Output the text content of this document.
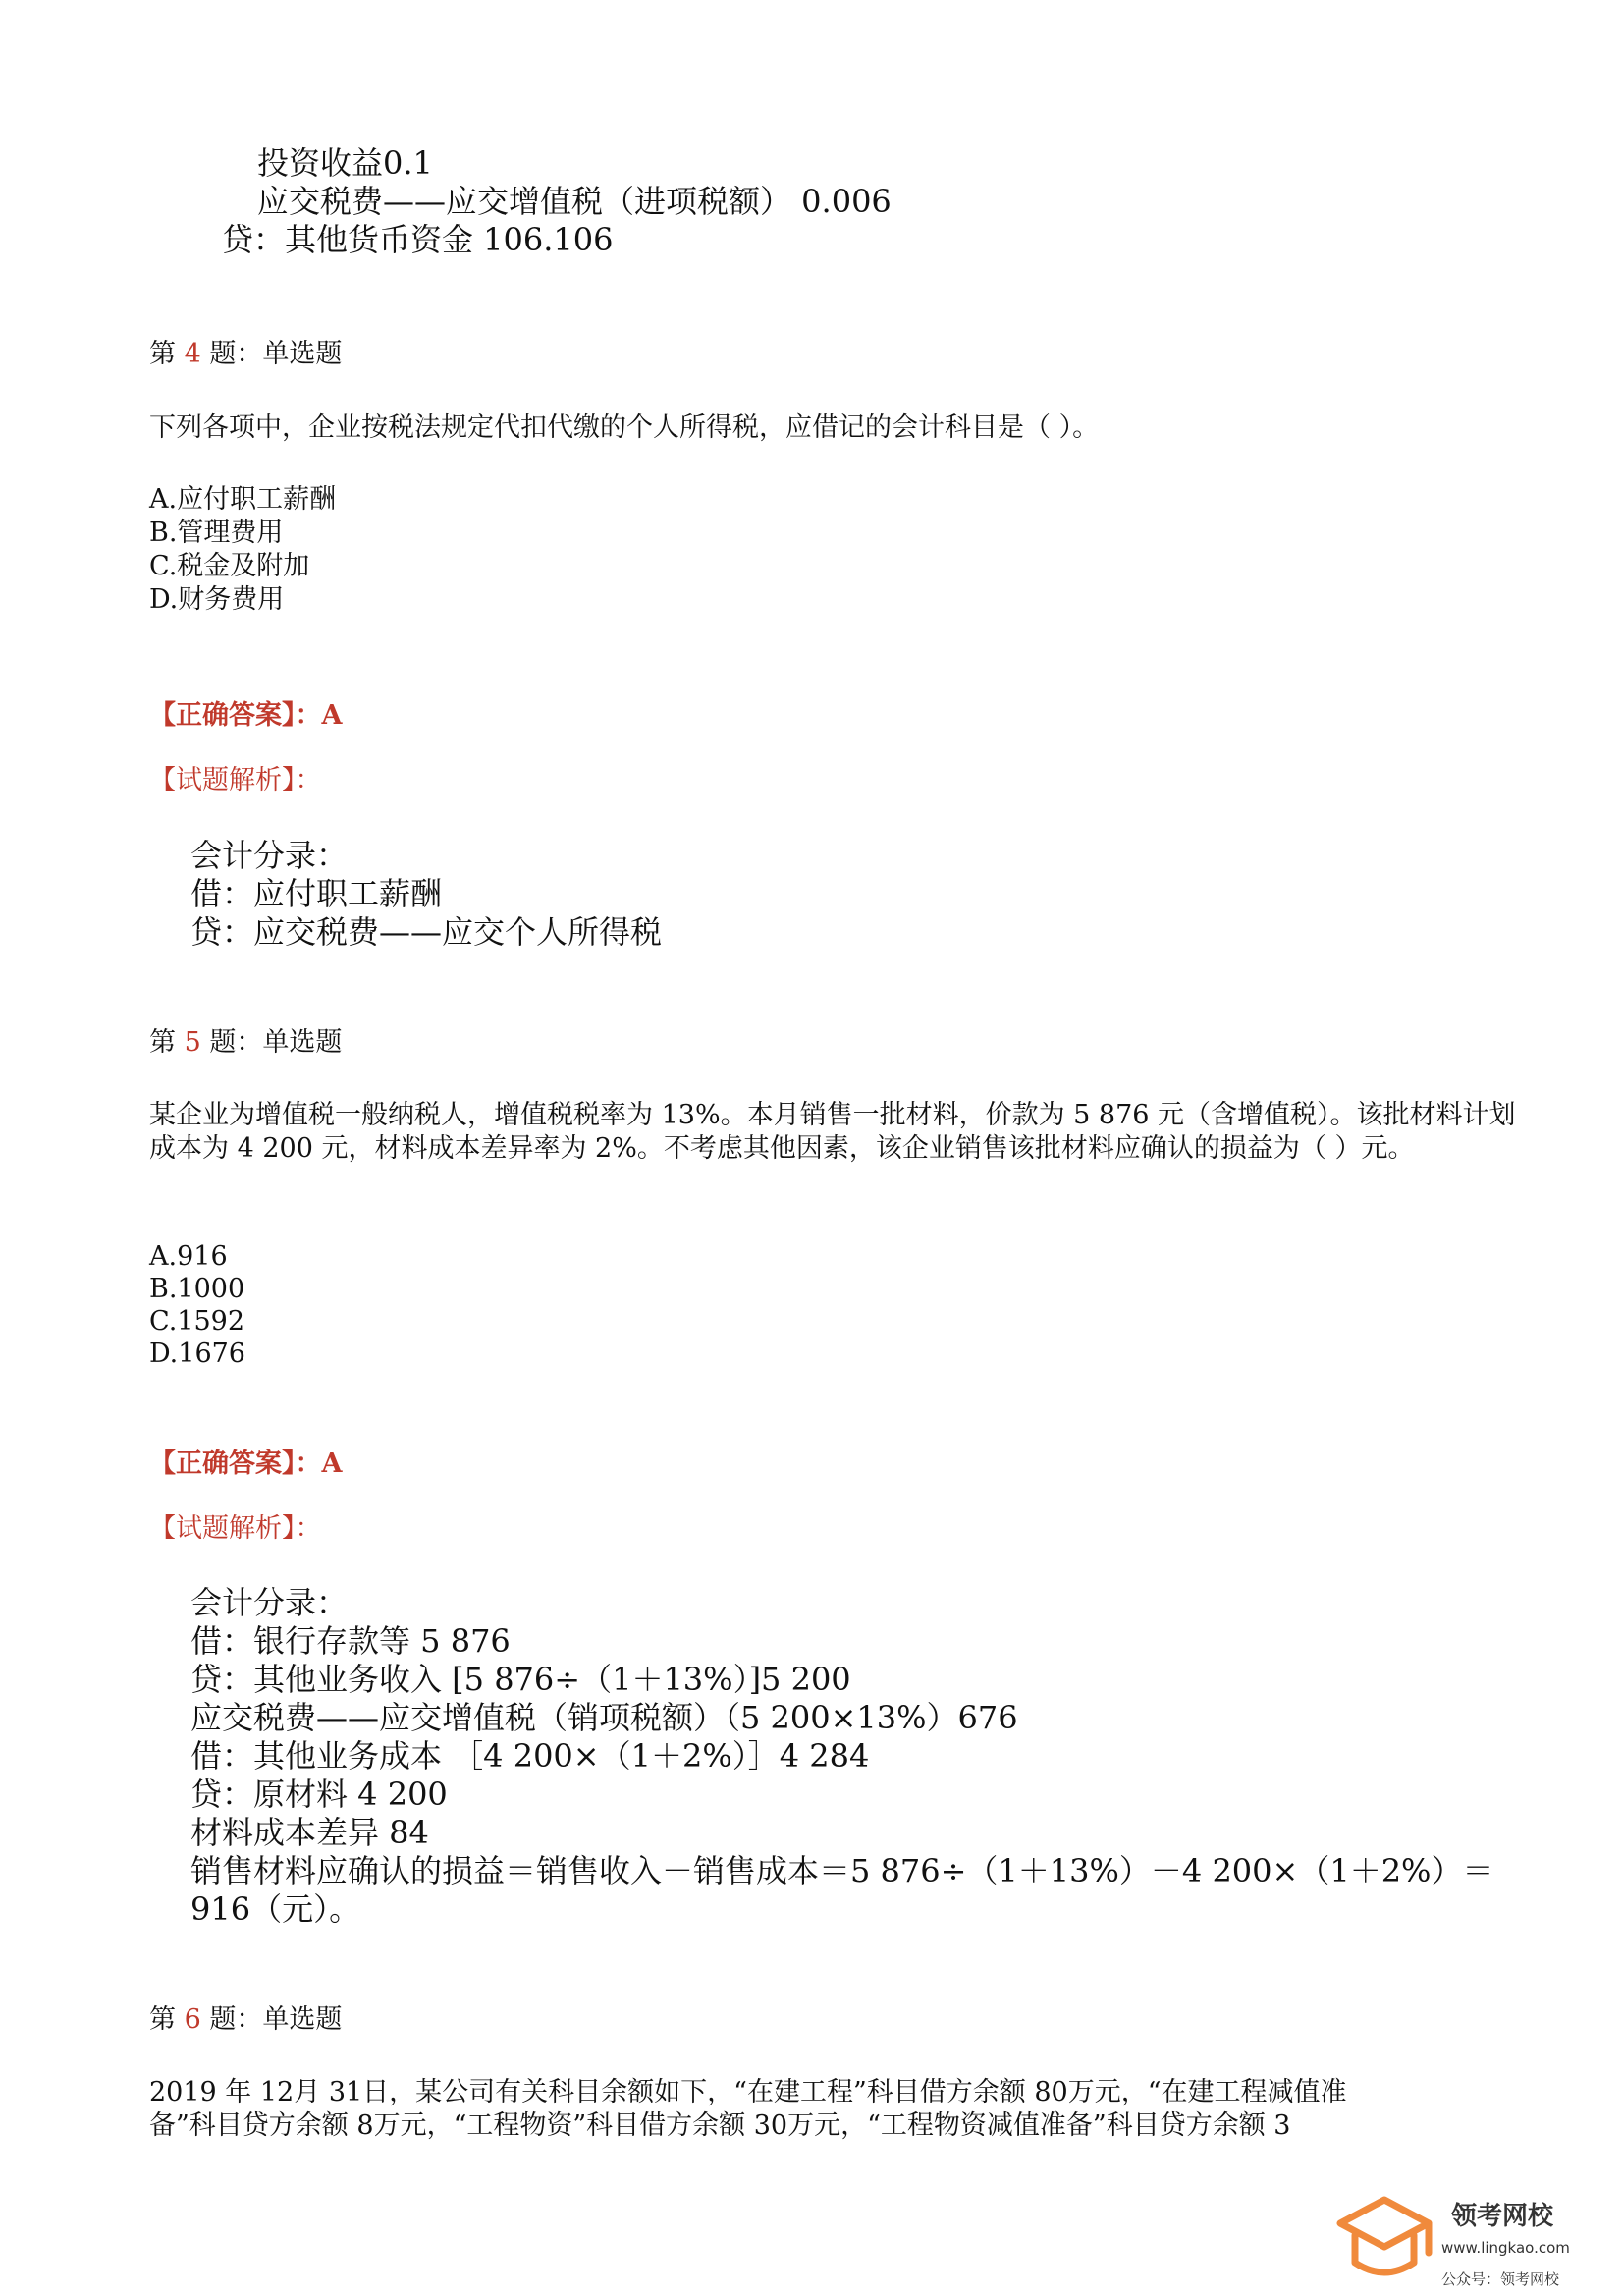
投资收益0.1
应交税费——应交增值税（进项税额） 0.006
贷：其他货币资金 106.106
第 4 题：单选题
下列各项中，企业按税法规定代扣代缴的个人所得税，应借记的会计科目是（ ）。
A.应付职工薪酬
B.管理费用
C.税金及附加
D.财务费用
【正确答案】：A
【试题解析】：
会计分录：
借：应付职工薪酬
贷：应交税费——应交个人所得税
第 5 题：单选题
某企业为增值税一般纳税人，增值税税率为 13%。本月销售一批材料，价款为 5 876 元（含增值税）。该批材料计划成本为 4 200 元，材料成本差异率为 2%。不考虑其他因素，该企业销售该批材料应确认的损益为（ ）元。
A.916
B.1000
C.1592
D.1676
【正确答案】：A
【试题解析】：
会计分录：
借：银行存款等 5 876
贷：其他业务收入 [5 876÷（1＋13%）]5 200
应交税费——应交增值税（销项税额）（5 200×13%）676
借：其他业务成本 ［4 200×（1＋2%）］4 284
贷：原材料 4 200
材料成本差异 84
销售材料应确认的损益＝销售收入－销售成本＝5 876÷（1＋13%）－4 200×（1＋2%）＝
916（元）。
第 6 题：单选题
2019 年 12月 31日，某公司有关科目余额如下，“在建工程”科目借方余额 80万元，“在建工程减值准
备”科目贷方余额 8万元，“工程物资”科目借方余额 30万元，“工程物资减值准备”科目贷方余额 3
领考网校
www.lingkao.com
公众号：领考网校
